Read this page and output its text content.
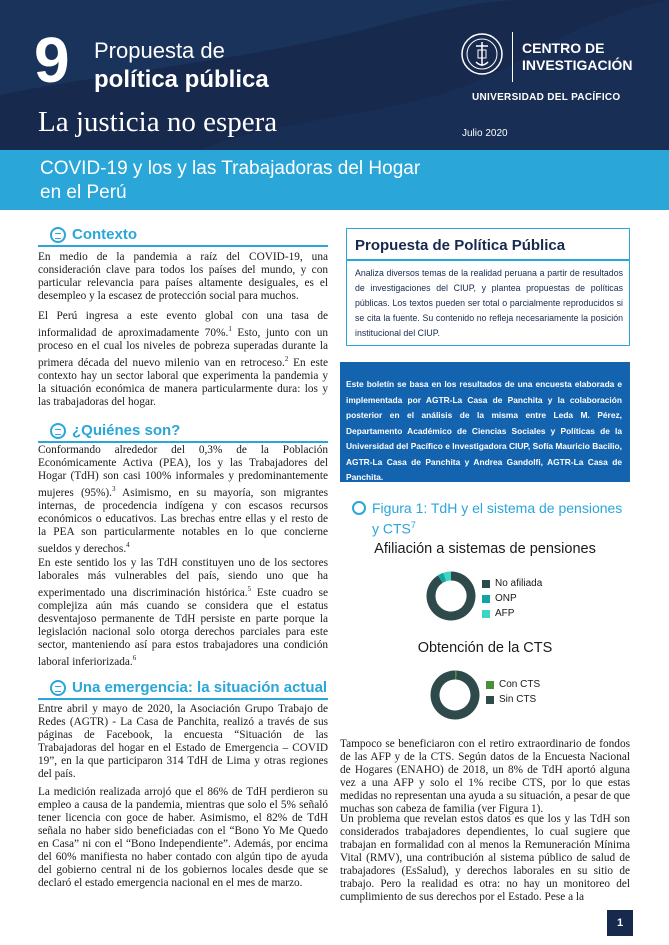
9 Propuesta de
política pública
La justicia no espera
CENTRO DE
INVESTIGACIÓN
UNIVERSIDAD DEL PACÍFICO
Julio 2020
COVID-19 y los y las Trabajadoras del Hogar en el Perú
Contexto
En medio de la pandemia a raíz del COVID-19, una consideración clave para todos los países del mundo, y con particular relevancia para países altamente desiguales, es el desempleo y la escasez de protección social para muchos.
El Perú ingresa a este evento global con una tasa de informalidad de aproximadamente 70%.$^1$ Esto, junto con un proceso en el cual los niveles de pobreza superadas durante la primera década del nuevo milenio van en retroceso.$^2$ En este contexto hay un sector laboral que experimenta la pandemia y la situación económica de manera particularmente dura: los y las trabajadoras del hogar.
¿Quiénes son?
Conformando alrededor del 0,3% de la Población Económicamente Activa (PEA), los y las Trabajadores del Hogar (TdH) son casi 100% informales y predominantemente mujeres (95%).$^3$ Asimismo, en su mayoría, son migrantes internas, de procedencia indígena y con escasos recursos económicos o educativos. Las brechas entre ellas y el resto de la PEA son particularmente notables en lo que concierne sueldos y derechos.$^4$
En este sentido los y las TdH constituyen uno de los sectores laborales más vulnerables del país, siendo uno que ha experimentado una discriminación histórica.$^5$ Este cuadro se complejiza aún más cuando se considera que el estatus desventajoso permanente de TdH persiste en parte porque la legislación nacional solo otorga derechos parciales para este sector, manteniendo así para estos trabajadores una condición laboral inferiorizada.$^6$
Una emergencia: la situación actual
Entre abril y mayo de 2020, la Asociación Grupo Trabajo de Redes (AGTR) - La Casa de Panchita, realizó a través de sus páginas de Facebook, la encuesta “Situación de las Trabajadoras del hogar en el Estado de Emergencia – COVID 19”, en la que participaron 314 TdH de Lima y otras regiones del país.
La medición realizada arrojó que el 86% de TdH perdieron su empleo a causa de la pandemia, mientras que solo el 5% señaló tener licencia con goce de haber. Asimismo, el 82% de TdH señala no haber sido beneficiadas con el “Bono Yo Me Quedo en Casa” ni con el “Bono Independiente”. Además, por encima del 60% manifiesta no haber contado con algún tipo de ayuda del gobierno central ni de los gobiernos locales desde que se declaró el estado emergencia nacional en el mes de marzo.
Propuesta de Política Pública
Analiza diversos temas de la realidad peruana a partir de resultados de investigaciones del CIUP, y plantea propuestas de políticas públicas. Los textos pueden ser total o parcialmente reproducidos si se cita la fuente. Su contenido no refleja necesariamente la posición institucional del CIUP.
Este boletín se basa en los resultados de una encuesta elaborada e implementada por AGTR-La Casa de Panchita y la colaboración posterior en el análisis de la misma entre Leda M. Pérez, Departamento Académico de Ciencias Sociales y Políticas de la Universidad del Pacífico e Investigadora CIUP, Sofía Mauricio Bacilio, AGTR-La Casa de Panchita y Andrea Gandolfi, AGTR-La Casa de Panchita.
Figura 1: TdH y el sistema de pensiones y CTS$^7$
Afiliación a sistemas de pensiones
No afiliada
ONP
AFP
Obtención de la CTS
Con CTS
Sin CTS
Tampoco se beneficiaron con el retiro extraordinario de fondos de las AFP y de la CTS. Según datos de la Encuesta Nacional de Hogares (ENAHO) de 2018, un 8% de TdH aportó alguna vez a una AFP y solo el 1% recibe CTS, por lo que estas medidas no representan una ayuda a su situación, a pesar de que muchas son cabeza de familia (ver Figura 1).
Un problema que revelan estos datos es que los y las TdH son considerados trabajadores dependientes, lo cual sugiere que trabajan en formalidad con al menos la Remuneración Mínima Vital (RMV), una contribución al sistema público de salud de trabajadores (EsSalud), y derechos laborales en su sitio de trabajo. Pero la realidad es otra: no hay un monitoreo del cumplimiento de sus derechos por el Estado. Pese a la
1
